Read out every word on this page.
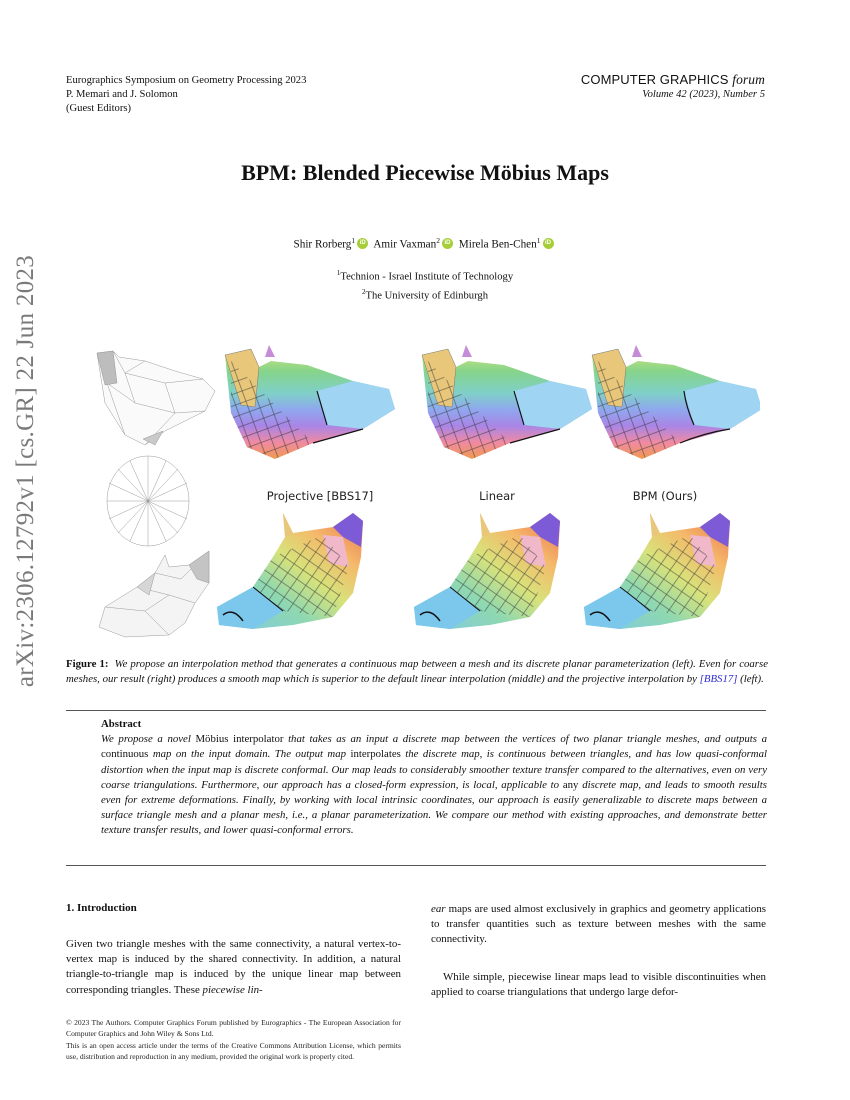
Eurographics Symposium on Geometry Processing 2023
P. Memari and J. Solomon
(Guest Editors)
COMPUTER GRAPHICS forum
Volume 42 (2023), Number 5
arXiv:2306.12792v1 [cs.GR] 22 Jun 2023
BPM: Blended Piecewise Möbius Maps
Shir Rorberg$^1$ iD Amir Vaxman$^2$ iD Mirela Ben-Chen$^1$iD
$^1$Technion - Israel Institute of Technology
$^2$The University of Edinburgh
Projective [BBS17]	Linear	BPM (Ours)
Figure 1: We propose an interpolation method that generates a continuous map between a mesh and its discrete planar parameterization (left). Even for coarse meshes, our result (right) produces a smooth map which is superior to the default linear interpolation (middle) and the projective interpolation by [BBS17] (left).
Abstract
We propose a novel Möbius interpolator that takes as an input a discrete map between the vertices of two planar triangle meshes, and outputs a continuous map on the input domain. The output map interpolates the discrete map, is continuous between triangles, and has low quasi-conformal distortion when the input map is discrete conformal. Our map leads to considerably smoother texture transfer compared to the alternatives, even on very coarse triangulations. Furthermore, our approach has a closed-form expression, is local, applicable to any discrete map, and leads to smooth results even for extreme deformations. Finally, by working with local intrinsic coordinates, our approach is easily generalizable to discrete maps between a surface triangle mesh and a planar mesh, i.e., a planar parameterization. We compare our method with existing approaches, and demonstrate better texture transfer results, and lower quasi-conformal errors.
1. Introduction
Given two triangle meshes with the same connectivity, a natural vertex-to-vertex map is induced by the shared connectivity. In addition, a natural triangle-to-triangle map is induced by the unique linear map between corresponding triangles. These piecewise lin-
ear maps are used almost exclusively in graphics and geometry applications to transfer quantities such as texture between meshes with the same connectivity.
While simple, piecewise linear maps lead to visible discontinuities when applied to coarse triangulations that undergo large defor-
© 2023 The Authors. Computer Graphics Forum published by Eurographics - The European Association for Computer Graphics and John Wiley & Sons Ltd.
This is an open access article under the terms of the Creative Commons Attribution License, which permits use, distribution and reproduction in any medium, provided the original work is properly cited.
